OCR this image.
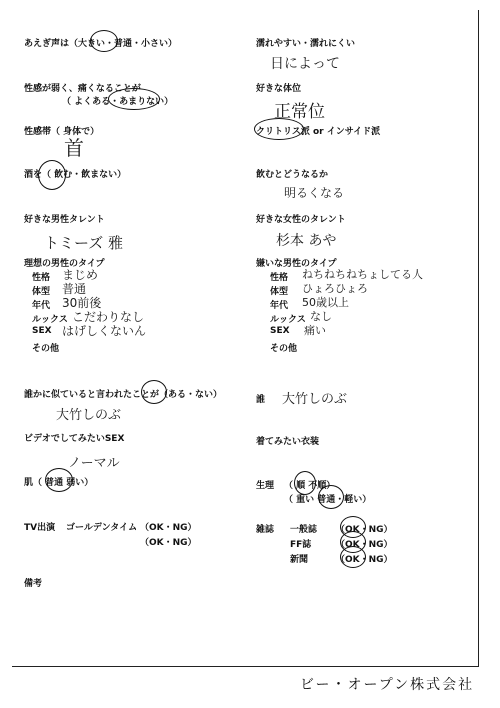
あえぎ声は（大きい・普通・小さい）
性感が弱く、痛くなることが
（ よくある・あまりない）
性感帯（ 身体で）
首
酒を（ 飲む・飲まない）
好きな男性タレント
トミーズ 雅
理想の男性のタイプ
性格 まじめ
体型 普通
年代 30前後
ルックス こだわりなし
SEX はげしくないん
その他
誰かに似ていると言われたことが（ある・ない）
大竹しのぶ
ビデオでしてみたいSEX
ノーマル
肌（ 普通 弱い）
TV出演 ゴールデンタイム （OK・NG）
（OK・NG）
備考
濡れやすい・濡れにくい
日によって
好きな体位
正常位
クリトリス派 or インサイド派
飲むとどうなるか
明るくなる
好きな女性のタレント
杉本 あや
嫌いな男性のタイプ
性格 ねちねちねちょしてる人
体型 ひょろひょろ
年代 50歳以上
ルックス なし
SEX 痛い
その他
誰 大竹しのぶ
着てみたい衣装
生理 （ 順 不順）
（ 重い 普通・軽い）
雑誌 一般誌 （OK・NG）
FF誌	（OK・NG）
新聞	（OK・NG）
ビー・オープン株式会社
